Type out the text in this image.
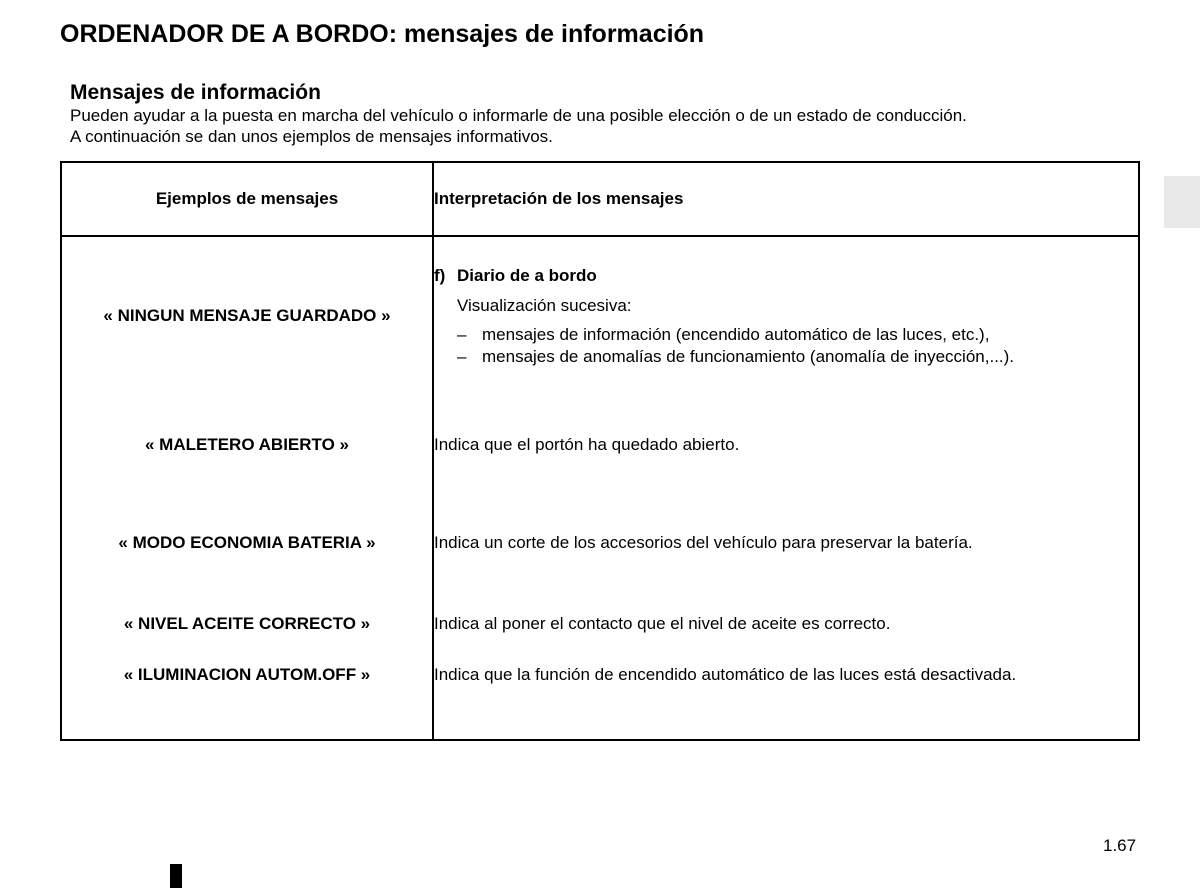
ORDENADOR DE A BORDO: mensajes de información
Mensajes de información
Pueden ayudar a la puesta en marcha del vehículo o informarle de una posible elección o de un estado de conducción.
A continuación se dan unos ejemplos de mensajes informativos.
Ejemplos de mensajes	Interpretación de los mensajes
« NINGUN MENSAJE GUARDADO »	f) Diario de a bordo
Visualización sucesiva:
– mensajes de información (encendido automático de las luces, etc.),
– mensajes de anomalías de funcionamiento (anomalía de inyección,...).

« MALETERO ABIERTO »	Indica que el portón ha quedado abierto.
« MODO ECONOMIA BATERIA »	Indica un corte de los accesorios del vehículo para preservar la batería.
« NIVEL ACEITE CORRECTO »	Indica al poner el contacto que el nivel de aceite es correcto.
« ILUMINACION AUTOM.OFF »	Indica que la función de encendido automático de las luces está desactivada.
1.67
